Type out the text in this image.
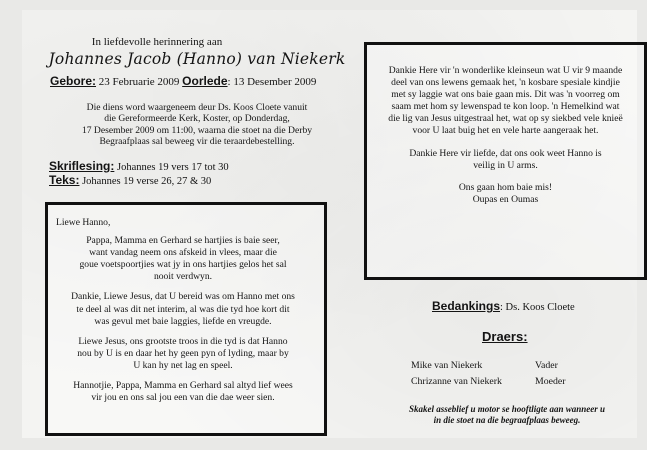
In liefdevolle herinnering aan
Johannes Jacob (Hanno) van Niekerk
Gebore: 23 Februarie 2009 Oorlede: 13 Desember 2009
Die diens word waargeneem deur Ds. Koos Cloete vanuit
die Gereformeerde Kerk, Koster, op Donderdag,
17 Desember 2009 om 11:00, waarna die stoet na die Derby
Begraafplaas sal beweeg vir die teraardebestelling.
Skriflesing: Johannes 19 vers 17 tot 30
Teks: Johannes 19 verse 26, 27 & 30
Liewe Hanno,
Pappa, Mamma en Gerhard se hartjies is baie seer,
want vandag neem ons afskeid in vlees, maar die
goue voetspoortjies wat jy in ons hartjies gelos het sal
nooit verdwyn.
Dankie, Liewe Jesus, dat U bereid was om Hanno met ons
te deel al was dit net interim, al was die tyd hoe kort dit
was gevul met baie laggies, liefde en vreugde.
Liewe Jesus, ons grootste troos in die tyd is dat Hanno
nou by U is en daar het hy geen pyn of lyding, maar by
U kan hy net lag en speel.
Hannotjie, Pappa, Mamma en Gerhard sal altyd lief wees
vir jou en ons sal jou een van die dae weer sien.
Dankie Here vir 'n wonderlike kleinseun wat U vir 9 maande
deel van ons lewens gemaak het, 'n kosbare spesiale kindjie
met sy laggie wat ons baie gaan mis. Dit was 'n voorreg om
saam met hom sy lewenspad te kon loop. 'n Hemelkind wat
die lig van Jesus uitgestraal het, wat op sy siekbed vele knieë
voor U laat buig het en vele harte aangeraak het.
Dankie Here vir liefde, dat ons ook weet Hanno is
veilig in U arms.
Ons gaan hom baie mis!
Oupas en Oumas
Bedankings: Ds. Koos Cloete
Draers:
Mike van Niekerk	Vader
Chrizanne van Niekerk	Moeder
Skakel asseblief u motor se hooftligte aan wanneer u
in die stoet na die begraafplaas beweeg.
